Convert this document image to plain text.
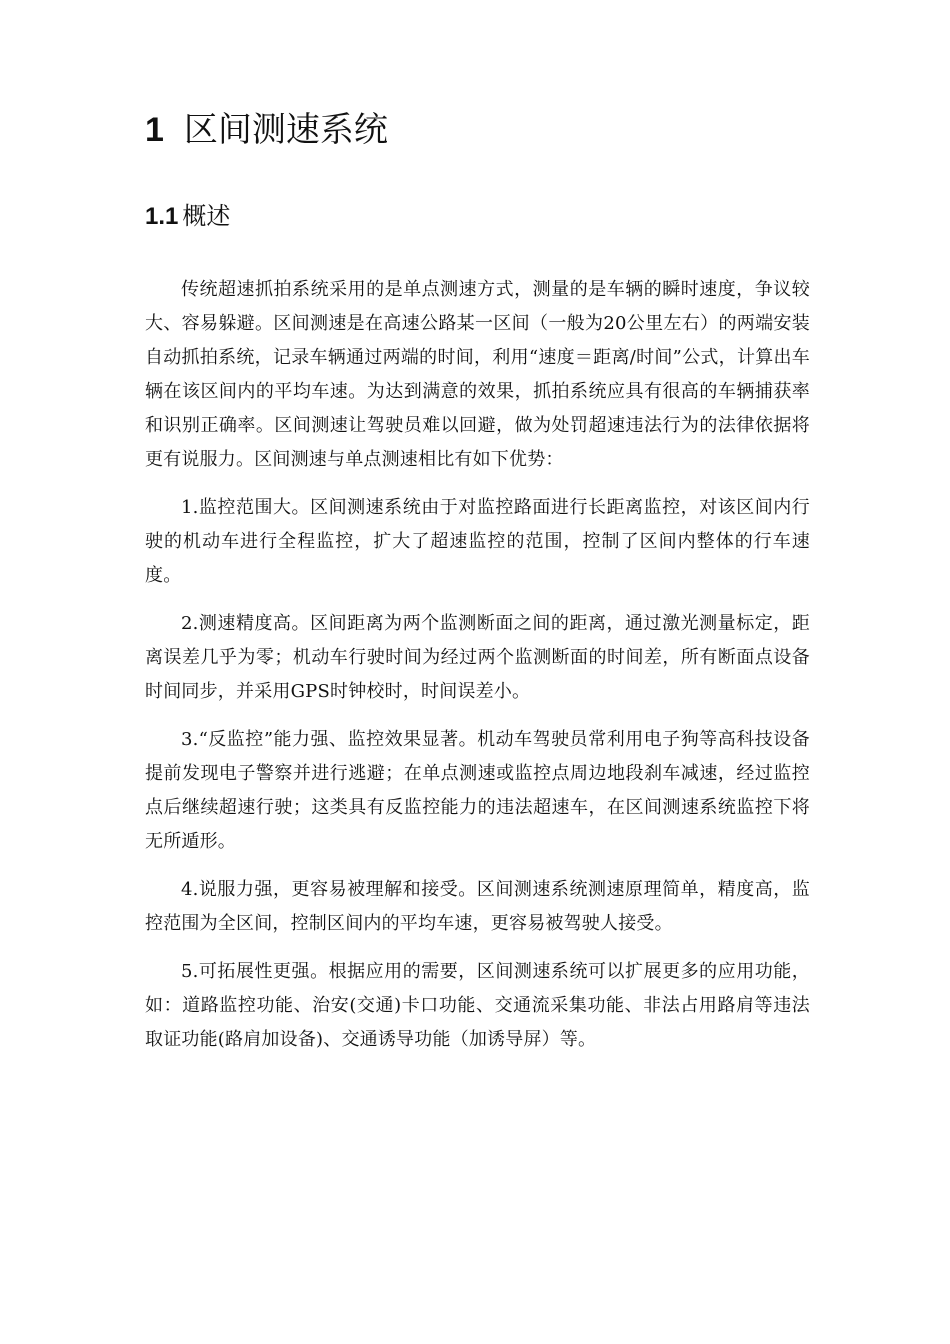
1 区间测速系统
1.1 概述

传统超速抓拍系统采用的是单点测速方式，测量的是车辆的瞬时速度，争议较大、容易躲避。区间测速是在高速公路某一区间（一般为20公里左右）的两端安装自动抓拍系统，记录车辆通过两端的时间，利用“速度＝距离/时间”公式，计算出车辆在该区间内的平均车速。为达到满意的效果，抓拍系统应具有很高的车辆捕获率和识别正确率。区间测速让驾驶员难以回避，做为处罚超速违法行为的法律依据将更有说服力。区间测速与单点测速相比有如下优势：

1.监控范围大。区间测速系统由于对监控路面进行长距离监控，对该区间内行驶的机动车进行全程监控，扩大了超速监控的范围，控制了区间内整体的行车速度。

2.测速精度高。区间距离为两个监测断面之间的距离，通过激光测量标定，距离误差几乎为零；机动车行驶时间为经过两个监测断面的时间差，所有断面点设备时间同步，并采用GPS时钟校时，时间误差小。

3.“反监控”能力强、监控效果显著。机动车驾驶员常利用电子狗等高科技设备提前发现电子警察并进行逃避；在单点测速或监控点周边地段刹车减速，经过监控点后继续超速行驶；这类具有反监控能力的违法超速车，在区间测速系统监控下将无所遁形。

4.说服力强，更容易被理解和接受。区间测速系统测速原理简单，精度高，监控范围为全区间，控制区间内的平均车速，更容易被驾驶人接受。

5.可拓展性更强。根据应用的需要，区间测速系统可以扩展更多的应用功能，如：道路监控功能、治安(交通)卡口功能、交通流采集功能、非法占用路肩等违法取证功能(路肩加设备)、交通诱导功能（加诱导屏）等。
